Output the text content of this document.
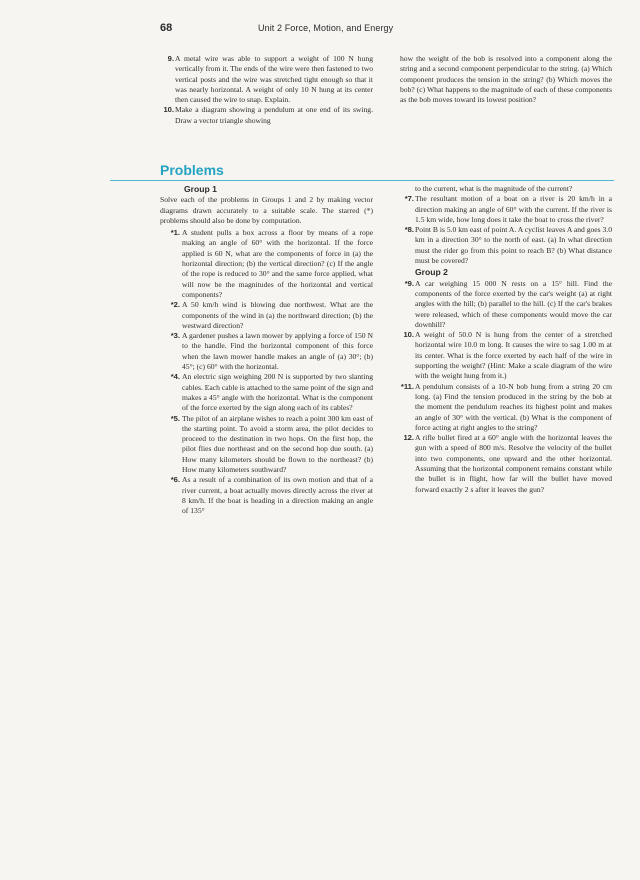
68	Unit 2 Force, Motion, and Energy
9. A metal wire was able to support a weight of 100 N hung vertically from it. The ends of the wire were then fastened to two vertical posts and the wire was stretched tight enough so that it was nearly horizontal. A weight of only 10 N hung at its center then caused the wire to snap. Explain.
10. Make a diagram showing a pendulum at one end of its swing. Draw a vector triangle showing

how the weight of the bob is resolved into a component along the string and a second component perpendicular to the string. (a) Which component produces the tension in the string? (b) Which moves the bob? (c) What happens to the magnitude of each of these components as the bob moves toward its lowest position?

Problems
Group 1

Solve each of the problems in Groups 1 and 2 by making vector diagrams drawn accurately to a suitable scale. The starred (*) problems should also be done by computation.

*1. A student pulls a box across a floor by means of a rope making an angle of 60° with the horizontal. If the force applied is 60 N, what are the components of force in (a) the horizontal direction; (b) the vertical direction? (c) If the angle of the rope is reduced to 30° and the same force applied, what will now be the magnitudes of the horizontal and vertical components?
*2. A 50 km/h wind is blowing due northwest. What are the components of the wind in (a) the northward direction; (b) the westward direction?
*3. A gardener pushes a lawn mower by applying a force of 150 N to the handle. Find the horizontal component of this force when the lawn mower handle makes an angle of (a) 30°; (b) 45°; (c) 60° with the horizontal.
*4. An electric sign weighing 200 N is supported by two slanting cables. Each cable is attached to the same point of the sign and makes a 45° angle with the horizontal. What is the component of the force exerted by the sign along each of its cables?
*5. The pilot of an airplane wishes to reach a point 300 km east of the starting point. To avoid a storm area, the pilot decides to proceed to the destination in two hops. On the first hop, the pilot flies due northeast and on the second hop due south. (a) How many kilometers should be flown to the northeast? (b) How many kilometers southward?
*6. As a result of a combination of its own motion and that of a river current, a boat actually moves directly across the river at 8 km/h. If the boat is heading in a direction making an angle of 135°

to the current, what is the magnitude of the current?

*7. The resultant motion of a boat on a river is 20 km/h in a direction making an angle of 60° with the current. If the river is 1.5 km wide, how long does it take the boat to cross the river?
*8. Point B is 5.0 km east of point A. A cyclist leaves A and goes 3.0 km in a direction 30° to the north of east. (a) In what direction must the rider go from this point to reach B? (b) What distance must be covered?
Group 2
*9. A car weighing 15 000 N rests on a 15° hill. Find the components of the force exerted by the car's weight (a) at right angles with the hill; (b) parallel to the hill. (c) If the car's brakes were released, which of these components would move the car downhill?
10. A weight of 50.0 N is hung from the center of a stretched horizontal wire 10.0 m long. It causes the wire to sag 1.00 m at its center. What is the force exerted by each half of the wire in supporting the weight? (Hint: Make a scale diagram of the wire with the weight hung from it.)
*11. A pendulum consists of a 10-N bob hung from a string 20 cm long. (a) Find the tension produced in the string by the bob at the moment the pendulum reaches its highest point and makes an angle of 30° with the vertical. (b) What is the component of force acting at right angles to the string?
12. A rifle bullet fired at a 60° angle with the horizontal leaves the gun with a speed of 800 m/s. Resolve the velocity of the bullet into two components, one upward and the other horizontal. Assuming that the horizontal component remains constant while the bullet is in flight, how far will the bullet have moved forward exactly 2 s after it leaves the gun?
